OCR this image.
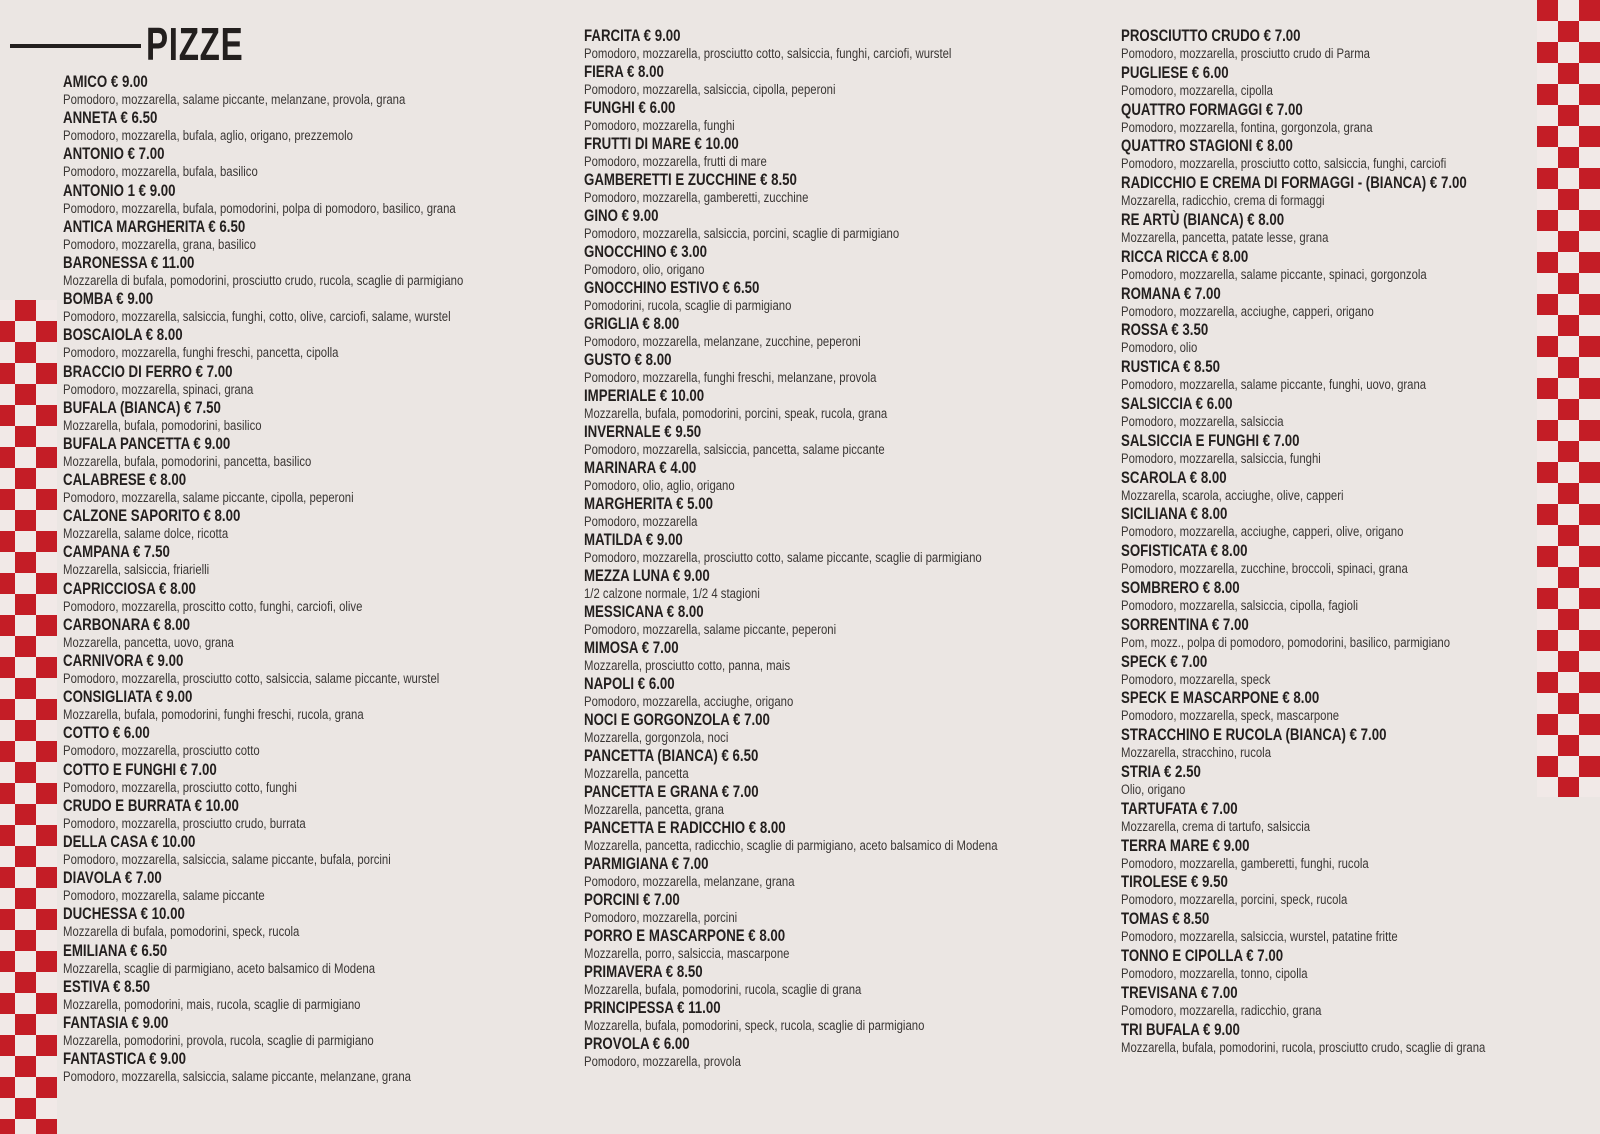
PIZZE
AMICO € 9.00
Pomodoro, mozzarella, salame piccante, melanzane, provola, grana
ANNETA € 6.50
Pomodoro, mozzarella, bufala, aglio, origano, prezzemolo
ANTONIO € 7.00
Pomodoro, mozzarella, bufala, basilico
ANTONIO 1 € 9.00
Pomodoro, mozzarella, bufala, pomodorini, polpa di pomodoro, basilico, grana
ANTICA MARGHERITA € 6.50
Pomodoro, mozzarella, grana, basilico
BARONESSA € 11.00
Mozzarella di bufala, pomodorini, prosciutto crudo, rucola, scaglie di parmigiano
BOMBA € 9.00
Pomodoro, mozzarella, salsiccia, funghi, cotto, olive, carciofi, salame, wurstel
BOSCAIOLA € 8.00
Pomodoro, mozzarella, funghi freschi, pancetta, cipolla
BRACCIO DI FERRO € 7.00
Pomodoro, mozzarella, spinaci, grana
BUFALA (BIANCA) € 7.50
Mozzarella, bufala, pomodorini, basilico
BUFALA PANCETTA € 9.00
Mozzarella, bufala, pomodorini, pancetta, basilico
CALABRESE € 8.00
Pomodoro, mozzarella, salame piccante, cipolla, peperoni
CALZONE SAPORITO € 8.00
Mozzarella, salame dolce, ricotta
CAMPANA € 7.50
Mozzarella, salsiccia, friarielli
CAPRICCIOSA € 8.00
Pomodoro, mozzarella, proscitto cotto, funghi, carciofi, olive
CARBONARA € 8.00
Mozzarella, pancetta, uovo, grana
CARNIVORA € 9.00
Pomodoro, mozzarella, prosciutto cotto, salsiccia, salame piccante, wurstel
CONSIGLIATA € 9.00
Mozzarella, bufala, pomodorini, funghi freschi, rucola, grana
COTTO € 6.00
Pomodoro, mozzarella, prosciutto cotto
COTTO E FUNGHI € 7.00
Pomodoro, mozzarella, prosciutto cotto, funghi
CRUDO E BURRATA € 10.00
Pomodoro, mozzarella, prosciutto crudo, burrata
DELLA CASA € 10.00
Pomodoro, mozzarella, salsiccia, salame piccante, bufala, porcini
DIAVOLA € 7.00
Pomodoro, mozzarella, salame piccante
DUCHESSA € 10.00
Mozzarella di bufala, pomodorini, speck, rucola
EMILIANA € 6.50
Mozzarella, scaglie di parmigiano, aceto balsamico di Modena
ESTIVA € 8.50
Mozzarella, pomodorini, mais, rucola, scaglie di parmigiano
FANTASIA € 9.00
Mozzarella, pomodorini, provola, rucola, scaglie di parmigiano
FANTASTICA € 9.00
Pomodoro, mozzarella, salsiccia, salame piccante, melanzane, grana
FARCITA € 9.00
Pomodoro, mozzarella, prosciutto cotto, salsiccia, funghi, carciofi, wurstel
FIERA € 8.00
Pomodoro, mozzarella, salsiccia, cipolla, peperoni
FUNGHI € 6.00
Pomodoro, mozzarella, funghi
FRUTTI DI MARE € 10.00
Pomodoro, mozzarella, frutti di mare
GAMBERETTI E ZUCCHINE € 8.50
Pomodoro, mozzarella, gamberetti, zucchine
GINO € 9.00
Pomodoro, mozzarella, salsiccia, porcini, scaglie di parmigiano
GNOCCHINO € 3.00
Pomodoro, olio, origano
GNOCCHINO ESTIVO € 6.50
Pomodorini, rucola, scaglie di parmigiano
GRIGLIA € 8.00
Pomodoro, mozzarella, melanzane, zucchine, peperoni
GUSTO € 8.00
Pomodoro, mozzarella, funghi freschi, melanzane, provola
IMPERIALE € 10.00
Mozzarella, bufala, pomodorini, porcini, speak, rucola, grana
INVERNALE € 9.50
Pomodoro, mozzarella, salsiccia, pancetta, salame piccante
MARINARA € 4.00
Pomodoro, olio, aglio, origano
MARGHERITA € 5.00
Pomodoro, mozzarella
MATILDA € 9.00
Pomodoro, mozzarella, prosciutto cotto, salame piccante, scaglie di parmigiano
MEZZA LUNA € 9.00
1/2 calzone normale, 1/2 4 stagioni
MESSICANA € 8.00
Pomodoro, mozzarella, salame piccante, peperoni
MIMOSA € 7.00
Mozzarella, prosciutto cotto, panna, mais
NAPOLI € 6.00
Pomodoro, mozzarella, acciughe, origano
NOCI E GORGONZOLA € 7.00
Mozzarella, gorgonzola, noci
PANCETTA (BIANCA) € 6.50
Mozzarella, pancetta
PANCETTA E GRANA € 7.00
Mozzarella, pancetta, grana
PANCETTA E RADICCHIO € 8.00
Mozzarella, pancetta, radicchio, scaglie di parmigiano, aceto balsamico di Modena
PARMIGIANA € 7.00
Pomodoro, mozzarella, melanzane, grana
PORCINI € 7.00
Pomodoro, mozzarella, porcini
PORRO E MASCARPONE € 8.00
Mozzarella, porro, salsiccia, mascarpone
PRIMAVERA € 8.50
Mozzarella, bufala, pomodorini, rucola, scaglie di grana
PRINCIPESSA € 11.00
Mozzarella, bufala, pomodorini, speck, rucola, scaglie di parmigiano
PROVOLA € 6.00
Pomodoro, mozzarella, provola
PROSCIUTTO CRUDO € 7.00
Pomodoro, mozzarella, prosciutto crudo di Parma
PUGLIESE € 6.00
Pomodoro, mozzarella, cipolla
QUATTRO FORMAGGI € 7.00
Pomodoro, mozzarella, fontina, gorgonzola, grana
QUATTRO STAGIONI € 8.00
Pomodoro, mozzarella, prosciutto cotto, salsiccia, funghi, carciofi
RADICCHIO E CREMA DI FORMAGGI - (BIANCA) € 7.00
Mozzarella, radicchio, crema di formaggi
RE ARTÙ (BIANCA) € 8.00
Mozzarella, pancetta, patate lesse, grana
RICCA RICCA € 8.00
Pomodoro, mozzarella, salame piccante, spinaci, gorgonzola
ROMANA € 7.00
Pomodoro, mozzarella, acciughe, capperi, origano
ROSSA € 3.50
Pomodoro, olio
RUSTICA € 8.50
Pomodoro, mozzarella, salame piccante, funghi, uovo, grana
SALSICCIA € 6.00
Pomodoro, mozzarella, salsiccia
SALSICCIA E FUNGHI € 7.00
Pomodoro, mozzarella, salsiccia, funghi
SCAROLA € 8.00
Mozzarella, scarola, acciughe, olive, capperi
SICILIANA € 8.00
Pomodoro, mozzarella, acciughe, capperi, olive, origano
SOFISTICATA € 8.00
Pomodoro, mozzarella, zucchine, broccoli, spinaci, grana
SOMBRERO € 8.00
Pomodoro, mozzarella, salsiccia, cipolla, fagioli
SORRENTINA € 7.00
Pom, mozz., polpa di pomodoro, pomodorini, basilico, parmigiano
SPECK € 7.00
Pomodoro, mozzarella, speck
SPECK E MASCARPONE € 8.00
Pomodoro, mozzarella, speck, mascarpone
STRACCHINO E RUCOLA (BIANCA) € 7.00
Mozzarella, stracchino, rucola
STRIA € 2.50
Olio, origano
TARTUFATA € 7.00
Mozzarella, crema di tartufo, salsiccia
TERRA MARE € 9.00
Pomodoro, mozzarella, gamberetti, funghi, rucola
TIROLESE € 9.50
Pomodoro, mozzarella, porcini, speck, rucola
TOMAS € 8.50
Pomodoro, mozzarella, salsiccia, wurstel, patatine fritte
TONNO E CIPOLLA € 7.00
Pomodoro, mozzarella, tonno, cipolla
TREVISANA € 7.00
Pomodoro, mozzarella, radicchio, grana
TRI BUFALA € 9.00
Mozzarella, bufala, pomodorini, rucola, prosciutto crudo, scaglie di grana
